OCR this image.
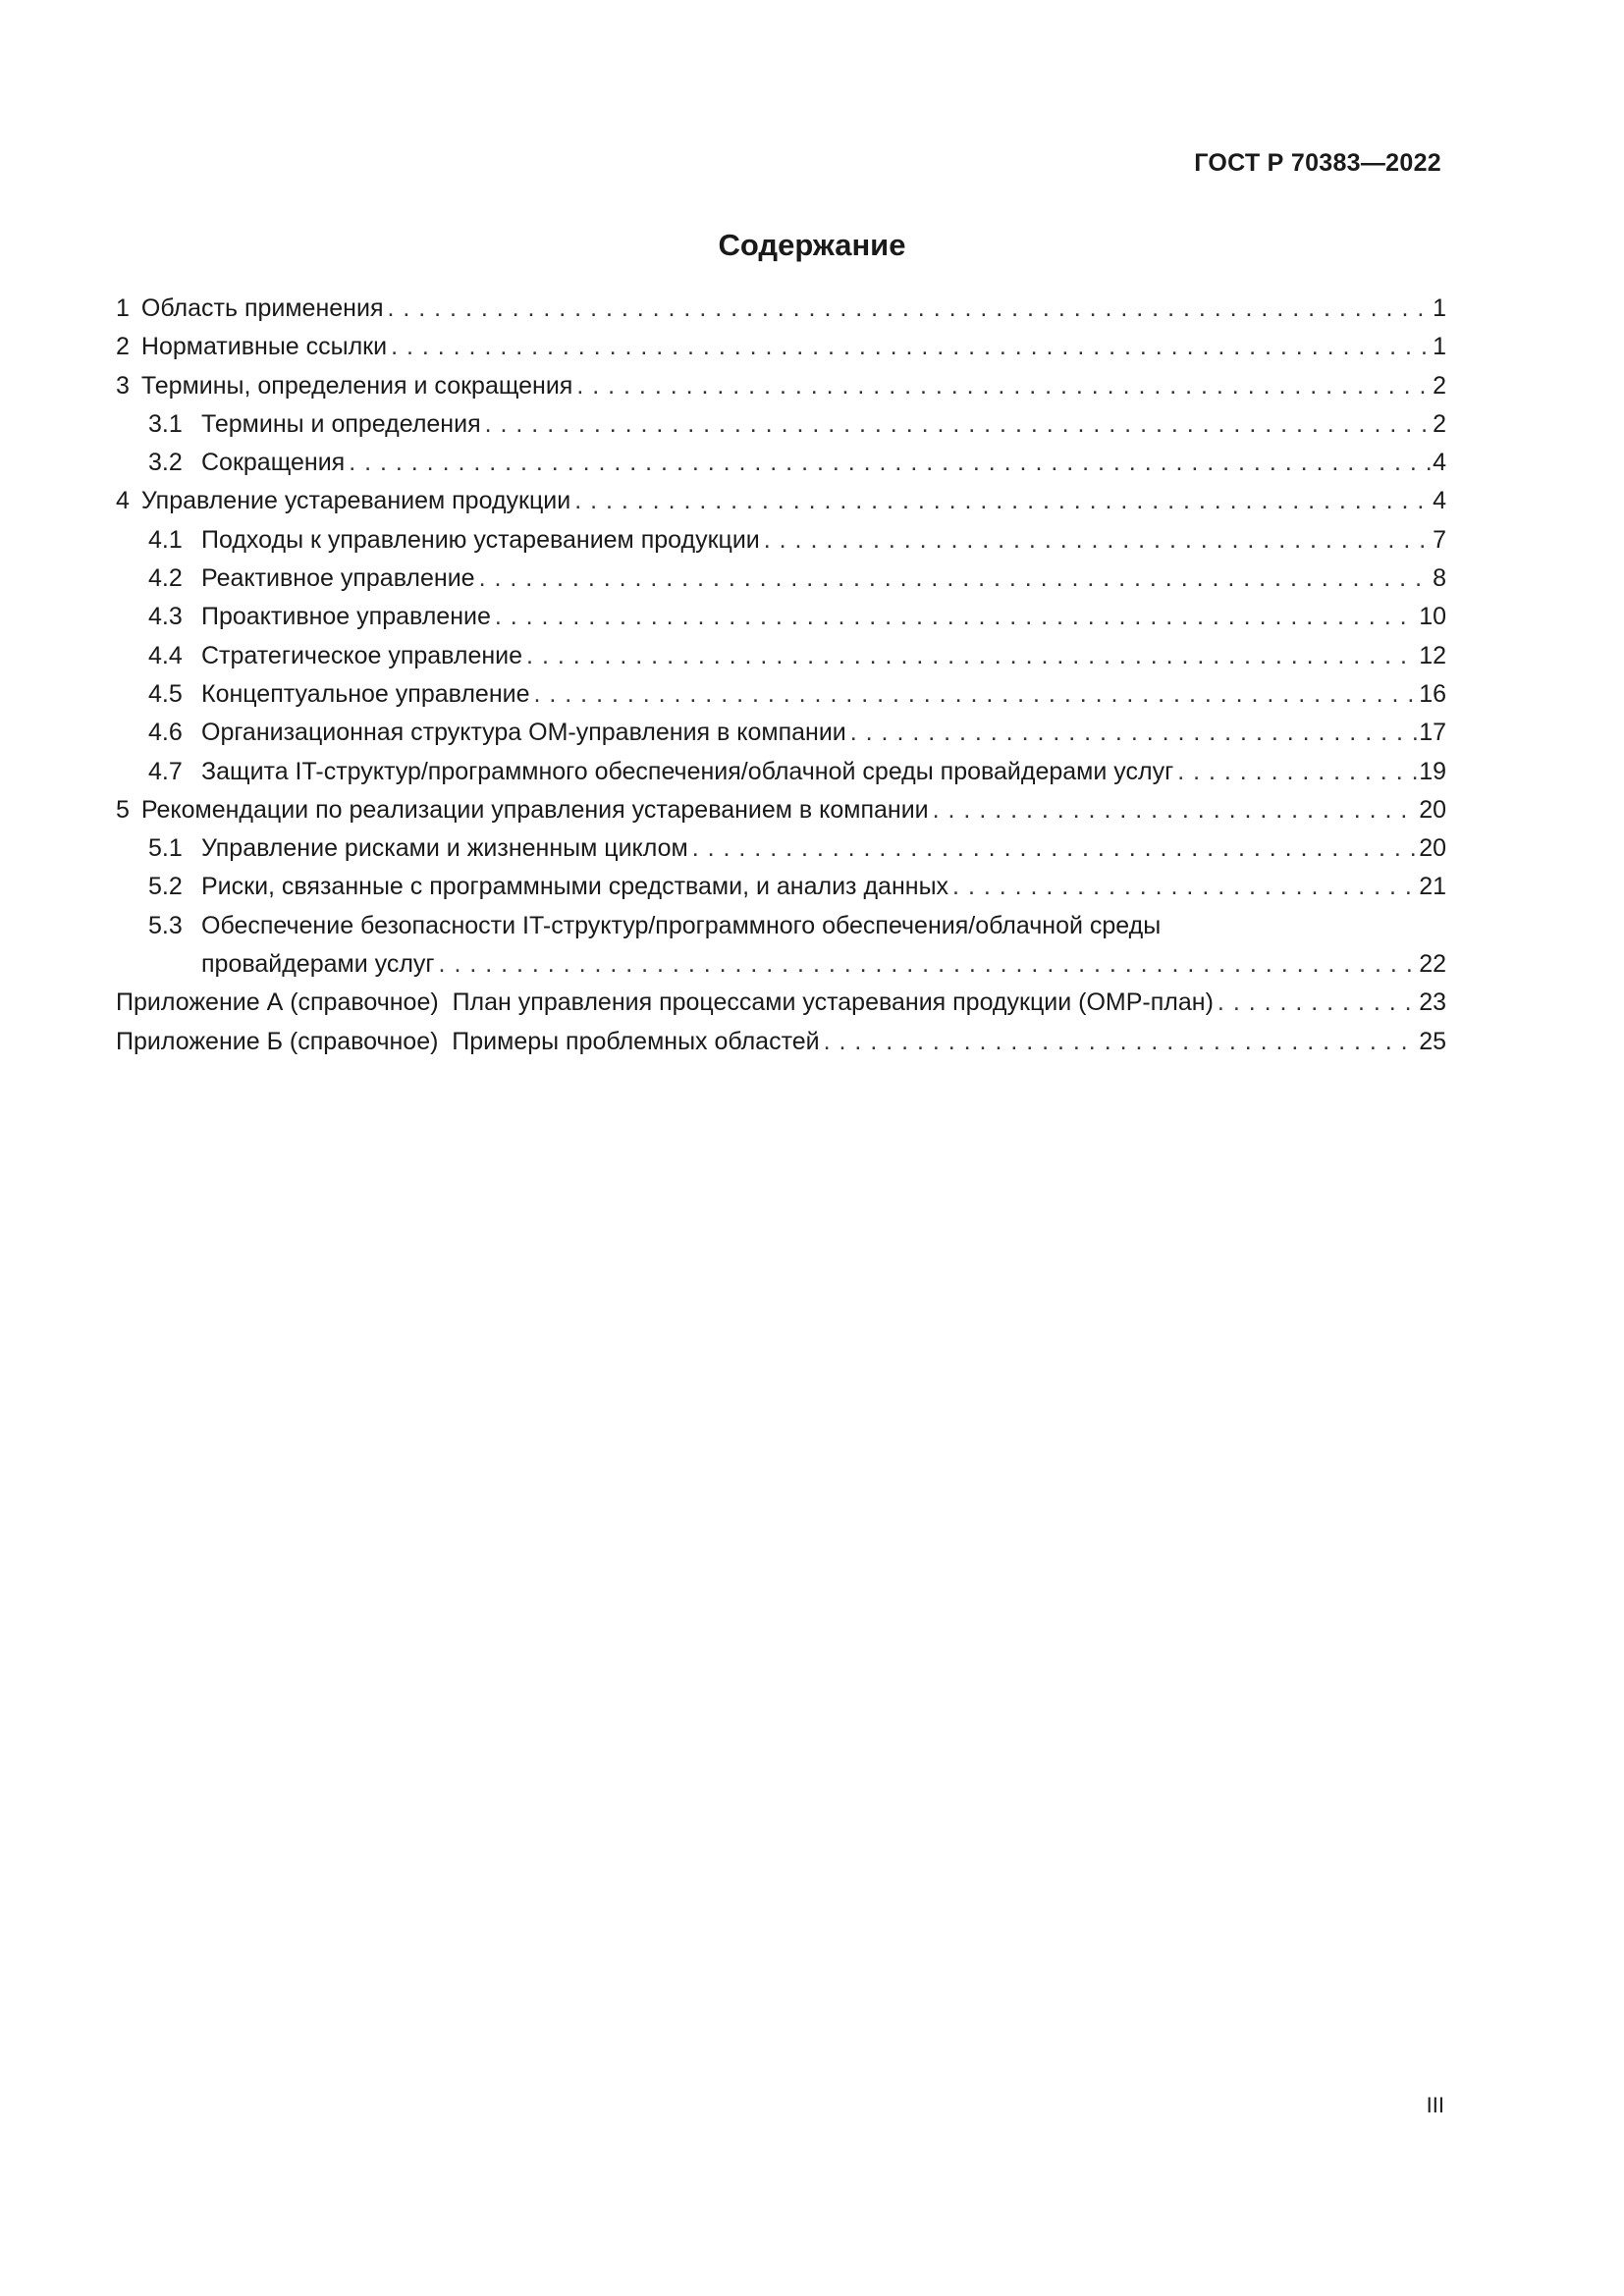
ГОСТ Р 70383—2022
Содержание
1 Область применения . . .	1
2 Нормативные ссылки . . .	1
3 Термины, определения и сокращения . . .	2
3.1 Термины и определения . . .	2
3.2 Сокращения . . .	4
4 Управление устареванием продукции . . .	4
4.1 Подходы к управлению устареванием продукции . . .	7
4.2 Реактивное управление . . .	8
4.3 Проактивное управление . . .	10
4.4 Стратегическое управление . . .	12
4.5 Концептуальное управление . . .	16
4.6 Организационная структура ОМ-управления в компании . . .	17
4.7 Защита IT-структур/программного обеспечения/облачной среды провайдерами услуг . . .	19
5 Рекомендации по реализации управления устареванием в компании . . .	20
5.1 Управление рисками и жизненным циклом . . .	20
5.2 Риски, связанные с программными средствами, и анализ данных . . .	21
5.3 Обеспечение безопасности IT-структур/программного обеспечения/облачной среды
провайдерами услуг . . .	22
Приложение А (справочное)  План управления процессами устаревания продукции (ОМР-план) . . .	23
Приложение Б (справочное)  Примеры проблемных областей . . .	25
III
